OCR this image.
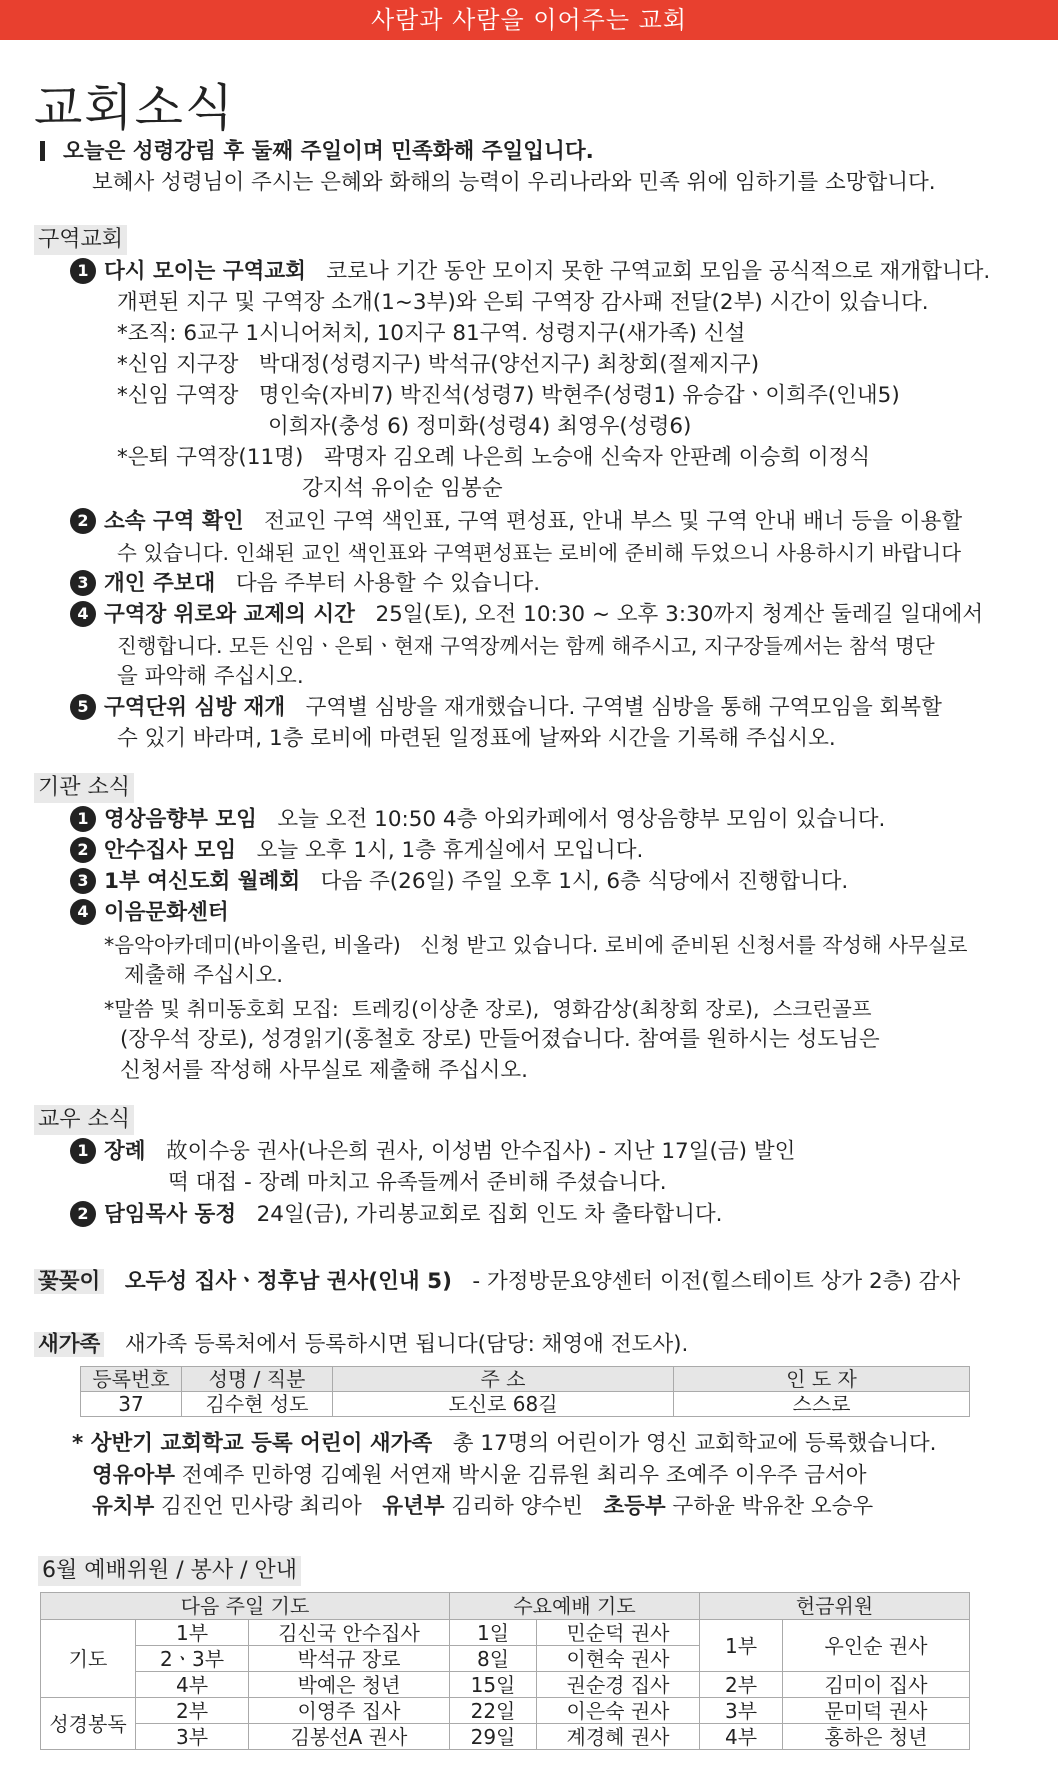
사람과 사람을 이어주는 교회
교회소식
오늘은 성령강림 후 둘째 주일이며 민족화해 주일입니다.
보혜사 성령님이 주시는 은혜와 화해의 능력이 우리나라와 민족 위에 임하기를 소망합니다.
구역교회
1 다시 모이는 구역교회 코로나 기간 동안 모이지 못한 구역교회 모임을 공식적으로 재개합니다.
개편된 지구 및 구역장 소개(1~3부)와 은퇴 구역장 감사패 전달(2부) 시간이 있습니다.
*조직: 6교구 1시니어처치, 10지구 81구역. 성령지구(새가족) 신설
*신임 지구장   박대정(성령지구) 박석규(양선지구) 최창회(절제지구)
*신임 구역장   명인숙(자비7) 박진석(성령7) 박현주(성령1) 유승갑ㆍ이희주(인내5)
이희자(충성 6) 정미화(성령4) 최영우(성령6)
*은퇴 구역장(11명)   곽명자 김오례 나은희 노승애 신숙자 안판례 이승희 이정식
강지석 유이순 임봉순
2 소속 구역 확인 전교인 구역 색인표, 구역 편성표, 안내 부스 및 구역 안내 배너 등을 이용할
수 있습니다. 인쇄된 교인 색인표와 구역편성표는 로비에 준비해 두었으니 사용하시기 바랍니다
3 개인 주보대 다음 주부터 사용할 수 있습니다.
4 구역장 위로와 교제의 시간 25일(토), 오전 10:30 ~ 오후 3:30까지 청계산 둘레길 일대에서
진행합니다. 모든 신임ㆍ은퇴ㆍ현재 구역장께서는 함께 해주시고, 지구장들께서는 참석 명단
을 파악해 주십시오.
5 구역단위 심방 재개 구역별 심방을 재개했습니다. 구역별 심방을 통해 구역모임을 회복할
수 있기 바라며, 1층 로비에 마련된 일정표에 날짜와 시간을 기록해 주십시오.
기관 소식
1 영상음향부 모임 오늘 오전 10:50 4층 아외카페에서 영상음향부 모임이 있습니다.
2 안수집사 모임 오늘 오후 1시, 1층 휴게실에서 모입니다.
3 1부 여신도회 월례회 다음 주(26일) 주일 오후 1시, 6층 식당에서 진행합니다.
4 이음문화센터
*음악아카데미(바이올린, 비올라)   신청 받고 있습니다. 로비에 준비된 신청서를 작성해 사무실로
제출해 주십시오.
*말씀 및 취미동호회 모집:  트레킹(이상춘 장로),  영화감상(최창회 장로),  스크린골프
(장우석 장로), 성경읽기(홍철호 장로) 만들어졌습니다. 참여를 원하시는 성도님은
신청서를 작성해 사무실로 제출해 주십시오.
교우 소식
1 장례 故이수웅 권사(나은희 권사, 이성범 안수집사) - 지난 17일(금) 발인
떡 대접 - 장례 마치고 유족들께서 준비해 주셨습니다.
2 담임목사 동정 24일(금), 가리봉교회로 집회 인도 차 출타합니다.
꽃꽂이 오두성 집사ㆍ정후남 권사(인내 5) - 가정방문요양센터 이전(힐스테이트 상가 2층) 감사
새가족 새가족 등록처에서 등록하시면 됩니다(담당: 채영애 전도사).
등록번호	성명 / 직분	주 소	인 도 자
37	김수현 성도	도신로 68길	스스로
* 상반기 교회학교 등록 어린이 새가족 총 17명의 어린이가 영신 교회학교에 등록했습니다.
영유아부 전예주 민하영 김예원 서연재 박시윤 김류원 최리우 조예주 이우주 금서아
유치부 김진언 민사랑 최리아 유년부 김리하 양수빈 초등부 구하윤 박유찬 오승우
6월 예배위원 / 봉사 / 안내
다음 주일 기도			수요예배 기도		헌금위원	
기도	1부	김신국 안수집사	1일	민순덕 권사	1부	우인순 권사
	2ㆍ3부	박석규 장로	8일	이현숙 권사		
	4부	박예은 청년	15일	권순경 집사	2부	김미이 집사
성경봉독	2부	이영주 집사	22일	이은숙 권사	3부	문미덕 권사
	3부	김봉선A 권사	29일	계경혜 권사	4부	홍하은 청년
